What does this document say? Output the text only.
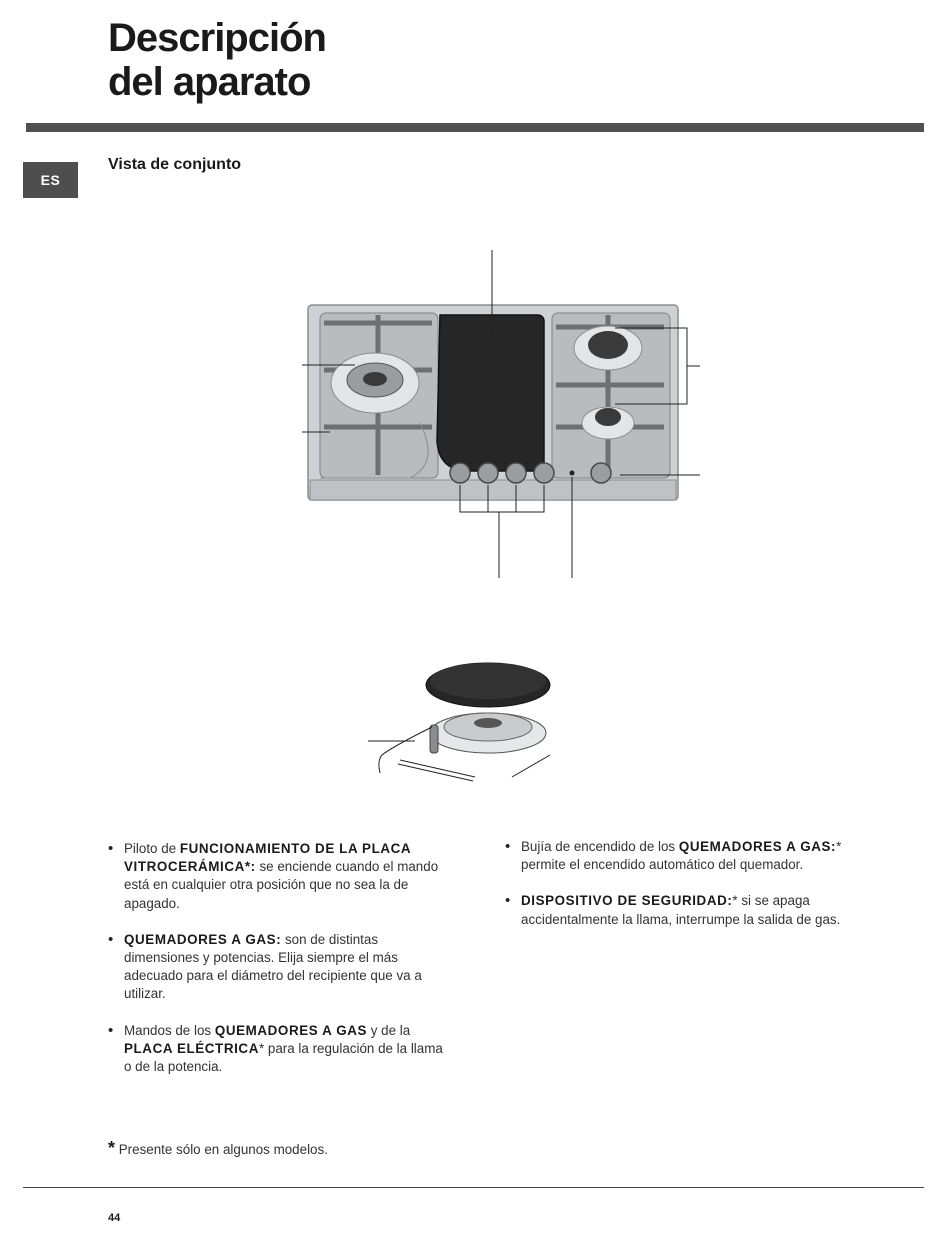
Descripción
del aparato
ES
Vista de conjunto

• Piloto de FUNCIONAMIENTO DE LA PLACA VITROCERÁMICA*: se enciende cuando el mando está en cualquier otra posición que no sea la de apagado.

• QUEMADORES A GAS: son de distintas dimensiones y potencias. Elija siempre el más adecuado para el diámetro del recipiente que va a utilizar.

• Mandos de los QUEMADORES A GAS y de la PLACA ELÉCTRICA* para la regulación de la llama o de la potencia.

• Bujía de encendido de los QUEMADORES A GAS:* permite el encendido automático del quemador.

• DISPOSITIVO DE SEGURIDAD:* si se apaga accidentalmente la llama, interrumpe la salida de gas.

* Presente sólo en algunos modelos.
44
